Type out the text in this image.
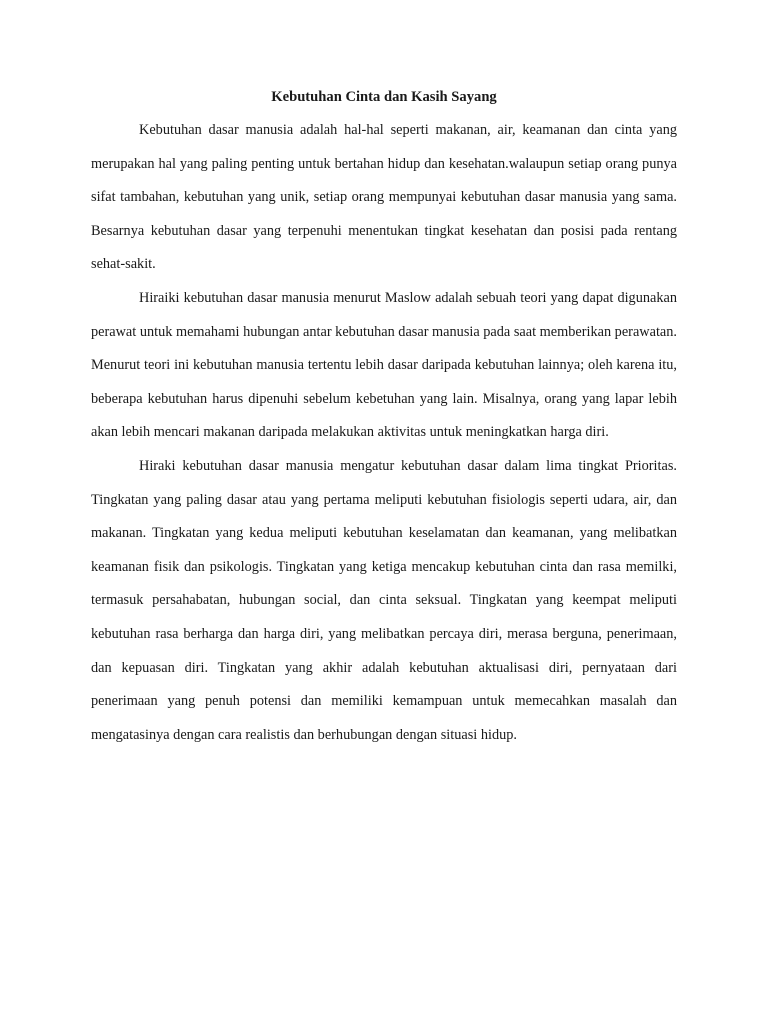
Kebutuhan Cinta dan Kasih Sayang

Kebutuhan dasar manusia adalah hal-hal seperti makanan, air, keamanan dan cinta yang merupakan hal yang paling penting untuk bertahan hidup dan kesehatan.walaupun setiap orang punya sifat tambahan, kebutuhan yang unik, setiap orang mempunyai kebutuhan dasar manusia yang sama. Besarnya kebutuhan dasar yang terpenuhi menentukan tingkat kesehatan dan posisi pada rentang sehat-sakit.

Hiraiki kebutuhan dasar manusia menurut Maslow adalah sebuah teori yang dapat digunakan perawat untuk memahami hubungan antar kebutuhan dasar manusia pada saat memberikan perawatan. Menurut teori ini kebutuhan manusia tertentu lebih dasar daripada kebutuhan lainnya; oleh karena itu, beberapa kebutuhan harus dipenuhi sebelum kebetuhan yang lain. Misalnya, orang yang lapar lebih akan lebih mencari makanan daripada melakukan aktivitas untuk meningkatkan harga diri.

Hiraki kebutuhan dasar manusia mengatur kebutuhan dasar dalam lima tingkat Prioritas. Tingkatan yang paling dasar atau yang pertama meliputi kebutuhan fisiologis seperti udara, air, dan makanan. Tingkatan yang kedua meliputi kebutuhan keselamatan dan keamanan, yang melibatkan keamanan fisik dan psikologis. Tingkatan yang ketiga mencakup kebutuhan cinta dan rasa memilki, termasuk persahabatan, hubungan social, dan cinta seksual. Tingkatan yang keempat meliputi kebutuhan rasa berharga dan harga diri, yang melibatkan percaya diri, merasa berguna, penerimaan, dan kepuasan diri. Tingkatan yang akhir adalah kebutuhan aktualisasi diri, pernyataan dari penerimaan yang penuh potensi dan memiliki kemampuan untuk memecahkan masalah dan mengatasinya dengan cara realistis dan berhubungan dengan situasi hidup.
